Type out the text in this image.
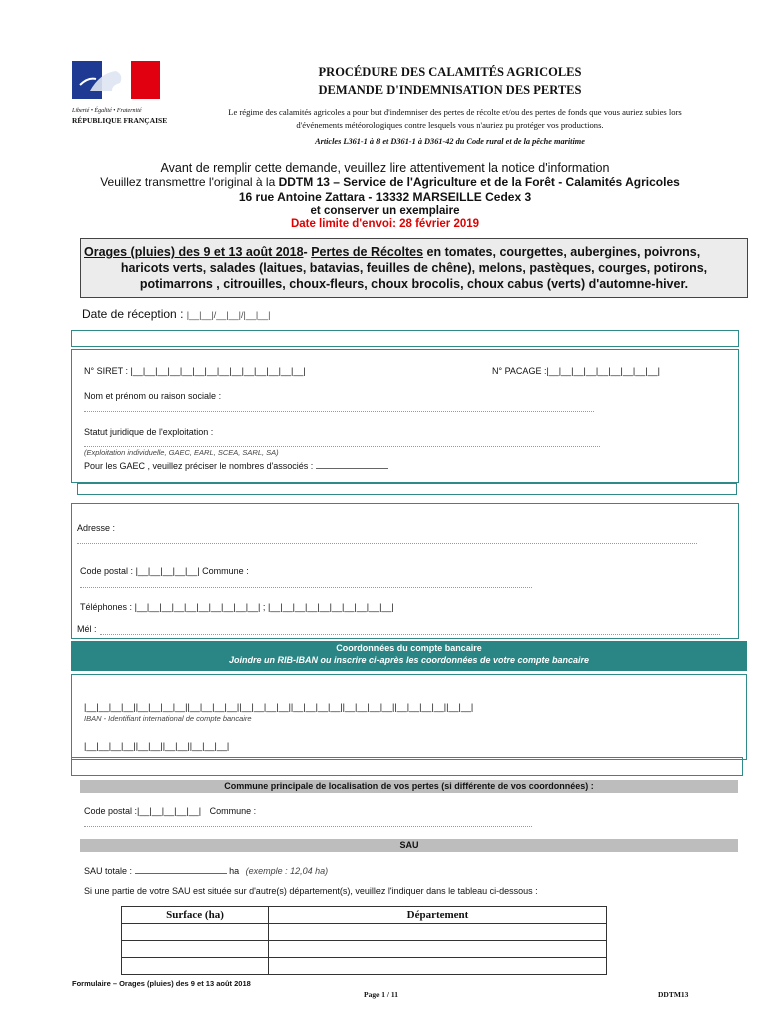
Liberté • Égalité • Fraternité
RÉPUBLIQUE FRANÇAISE
PROCÉDURE DES CALAMITÉS AGRICOLES
DEMANDE D'INDEMNISATION DES PERTES
Le régime des calamités agricoles a pour but d'indemniser des pertes de récolte et/ou des pertes de fonds que vous auriez subies lors
d'événements météorologiques contre lesquels vous n'auriez pu protéger vos productions.
Articles L361-1 à 8 et D361-1 à D361-42 du Code rural et de la pêche maritime
Avant de remplir cette demande, veuillez lire attentivement la notice d'information
Veuillez transmettre l'original à la DDTM 13 – Service de l'Agriculture et de la Forêt - Calamités Agricoles
16 rue Antoine Zattara - 13332 MARSEILLE Cedex 3
et conserver un exemplaire
Date limite d'envoi: 28 février 2019
Orages (pluies) des 9 et 13 août 2018- Pertes de Récoltes en tomates, courgettes, aubergines, poivrons,
haricots verts, salades (laitues, batavias, feuilles de chêne), melons, pastèques, courges, potirons,
potimarrons , citrouilles, choux-fleurs, choux brocolis, choux cabus (verts) d'automne-hiver.
Date de réception : |__|__|/__|__|/|__|__|
N° SIRET : |__|__|__|__|__|__|__|__|__|__|__|__|__|__|	N° PACAGE :|__|__|__|__|__|__|__|__|__|
Nom et prénom ou raison sociale :
Statut juridique de l'exploitation :
(Exploitation individuelle, GAEC, EARL, SCEA, SARL, SA)
Pour les GAEC , veuillez préciser le nombres d'associés :
Adresse :
Code postal : |__|__|__|__|__| Commune :
Téléphones : |__|__|__|__|__|__|__|__|__|__| ; |__|__|__|__|__|__|__|__|__|__|
Mél :
Coordonnées du compte bancaire
Joindre un RIB-IBAN ou inscrire ci-après les coordonnées de votre compte bancaire
|__|__|__|__||__|__|__|__||__|__|__|__||__|__|__|__||__|__|__|__||__|__|__|__||__|__|__|__||__|__|
IBAN - Identifiant international de compte bancaire
|__|__|__|__||__|__||__|__||__|__|__|
Commune principale de localisation de vos pertes (si différente de vos coordonnées) :
Code postal :|__|__|__|__|__| Commune :
SAU
SAU totale :	ha (exemple : 12,04 ha)
Si une partie de votre SAU est située sur d'autre(s) département(s), veuillez l'indiquer dans le tableau ci-dessous :
Surface (ha)	Département

Formulaire – Orages (pluies) des 9 et 13 août 2018
Page 1 / 11	DDTM13
